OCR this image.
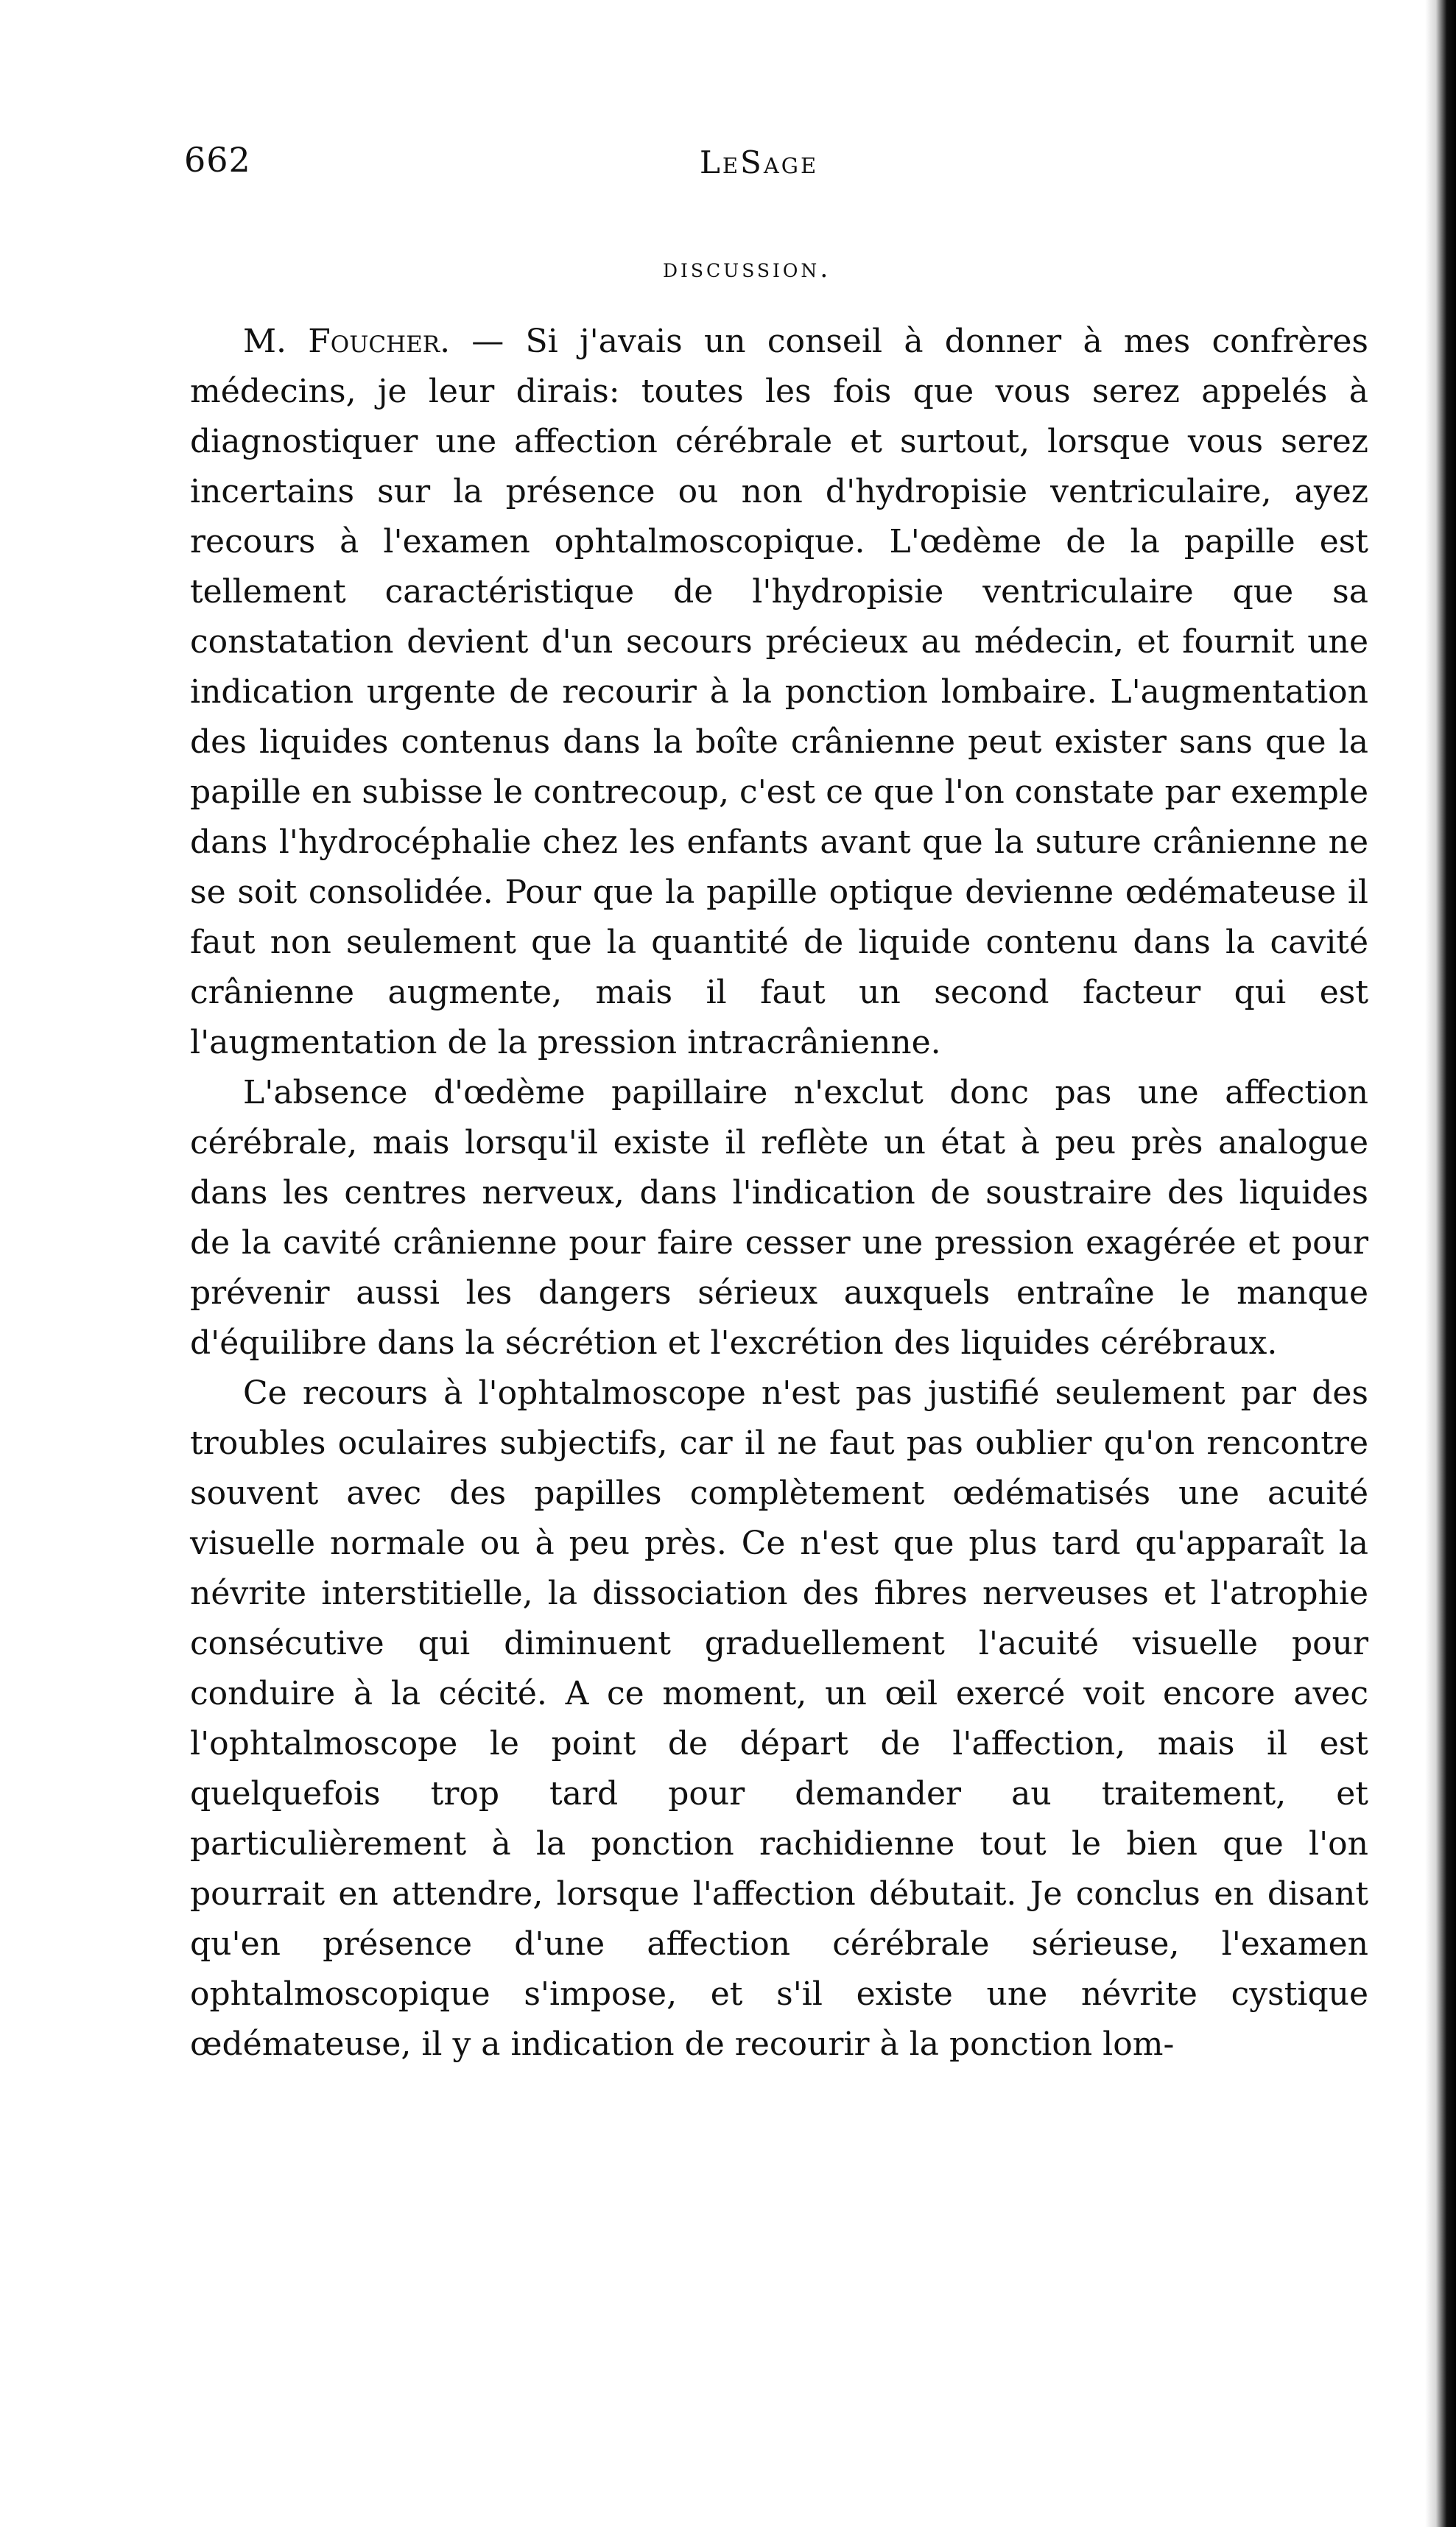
662	LeSage
discussion.

M. Foucher. — Si j'avais un conseil à donner à mes confrères médecins, je leur dirais: toutes les fois que vous serez appelés à diagnostiquer une affection cérébrale et surtout, lorsque vous serez incertains sur la présence ou non d'hydropisie ventriculaire, ayez recours à l'examen ophtalmoscopique. L'œdème de la papille est tellement caractéristique de l'hydropisie ventriculaire que sa constatation devient d'un secours précieux au médecin, et fournit une indication urgente de recourir à la ponction lombaire. L'augmentation des liquides contenus dans la boîte crânienne peut exister sans que la papille en subisse le contrecoup, c'est ce que l'on constate par exemple dans l'hydrocéphalie chez les enfants avant que la suture crânienne ne se soit consolidée. Pour que la papille optique devienne œdémateuse il faut non seulement que la quantité de liquide contenu dans la cavité crânienne augmente, mais il faut un second facteur qui est l'augmentation de la pression intracrânienne.

L'absence d'œdème papillaire n'exclut donc pas une affection cérébrale, mais lorsqu'il existe il reflète un état à peu près analogue dans les centres nerveux, dans l'indication de soustraire des liquides de la cavité crânienne pour faire cesser une pression exagérée et pour prévenir aussi les dangers sérieux auxquels entraîne le manque d'équilibre dans la sécrétion et l'excrétion des liquides cérébraux.

Ce recours à l'ophtalmoscope n'est pas justifié seulement par des troubles oculaires subjectifs, car il ne faut pas oublier qu'on rencontre souvent avec des papilles complètement œdématisés une acuité visuelle normale ou à peu près. Ce n'est que plus tard qu'apparaît la névrite interstitielle, la dissociation des fibres nerveuses et l'atrophie consécutive qui diminuent graduellement l'acuité visuelle pour conduire à la cécité. A ce moment, un œil exercé voit encore avec l'ophtalmoscope le point de départ de l'affection, mais il est quelquefois trop tard pour demander au traitement, et particulièrement à la ponction rachidienne tout le bien que l'on pourrait en attendre, lorsque l'affection débutait. Je conclus en disant qu'en présence d'une affection cérébrale sérieuse, l'examen ophtalmoscopique s'impose, et s'il existe une névrite cystique œdémateuse, il y a indication de recourir à la ponction lom-
